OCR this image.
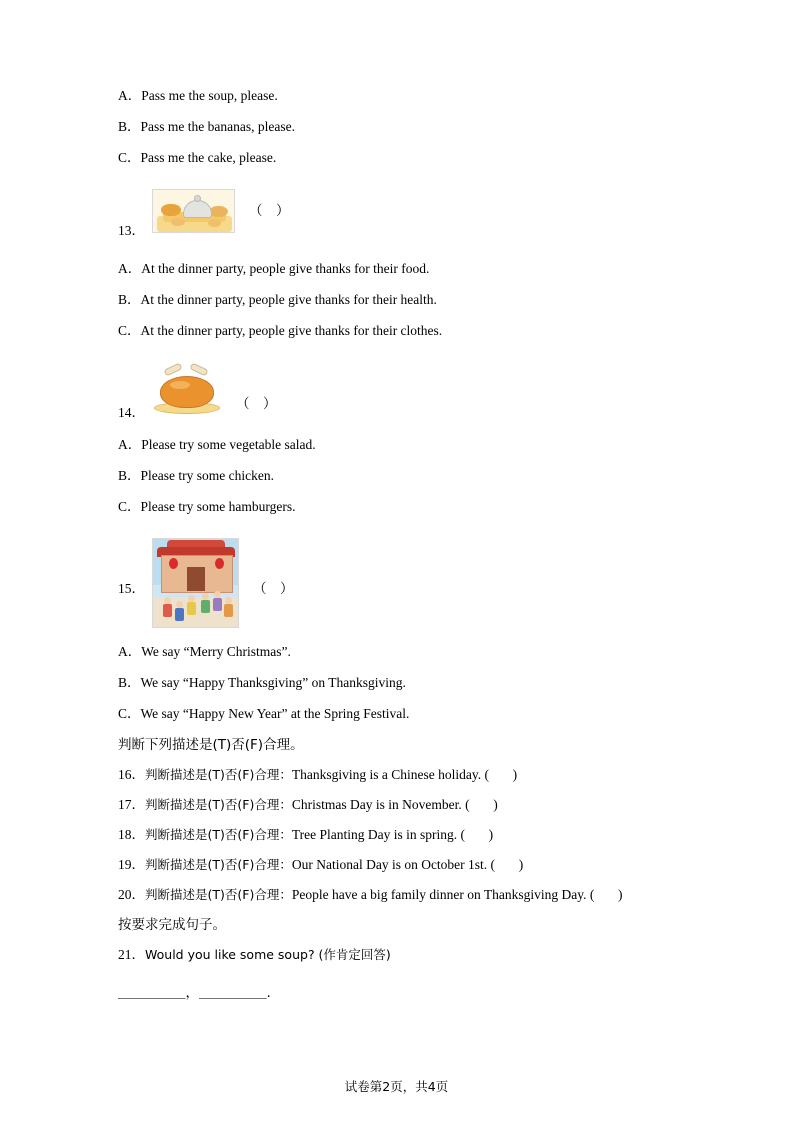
A．Pass me the soup, please.
B．Pass me the bananas, please.
C．Pass me the cake, please.
13．
（　）
A．At the dinner party, people give thanks for their food.
B．At the dinner party, people give thanks for their health.
C．At the dinner party, people give thanks for their clothes.
14．
（　）
A．Please try some vegetable salad.
B．Please try some chicken.
C．Please try some hamburgers.
15．	（　）
A．We say “Merry Christmas”.
B．We say “Happy Thanksgiving” on Thanksgiving.
C．We say “Happy New Year” at the Spring Festival.
判断下列描述是(T)否(F)合理。
16．判断描述是(T)否(F)合理：Thanksgiving is a Chinese holiday. ( )
17．判断描述是(T)否(F)合理：Christmas Day is in November. ( )
18．判断描述是(T)否(F)合理：Tree Planting Day is in spring. ( )
19．判断描述是(T)否(F)合理：Our National Day is on October 1st. ( )
20．判断描述是(T)否(F)合理：People have a big family dinner on Thanksgiving Day. ( )
按要求完成句子。
21．Would you like some soup? (作肯定回答)
＿＿＿＿＿，＿＿＿＿＿.
试卷第2页，共4页
